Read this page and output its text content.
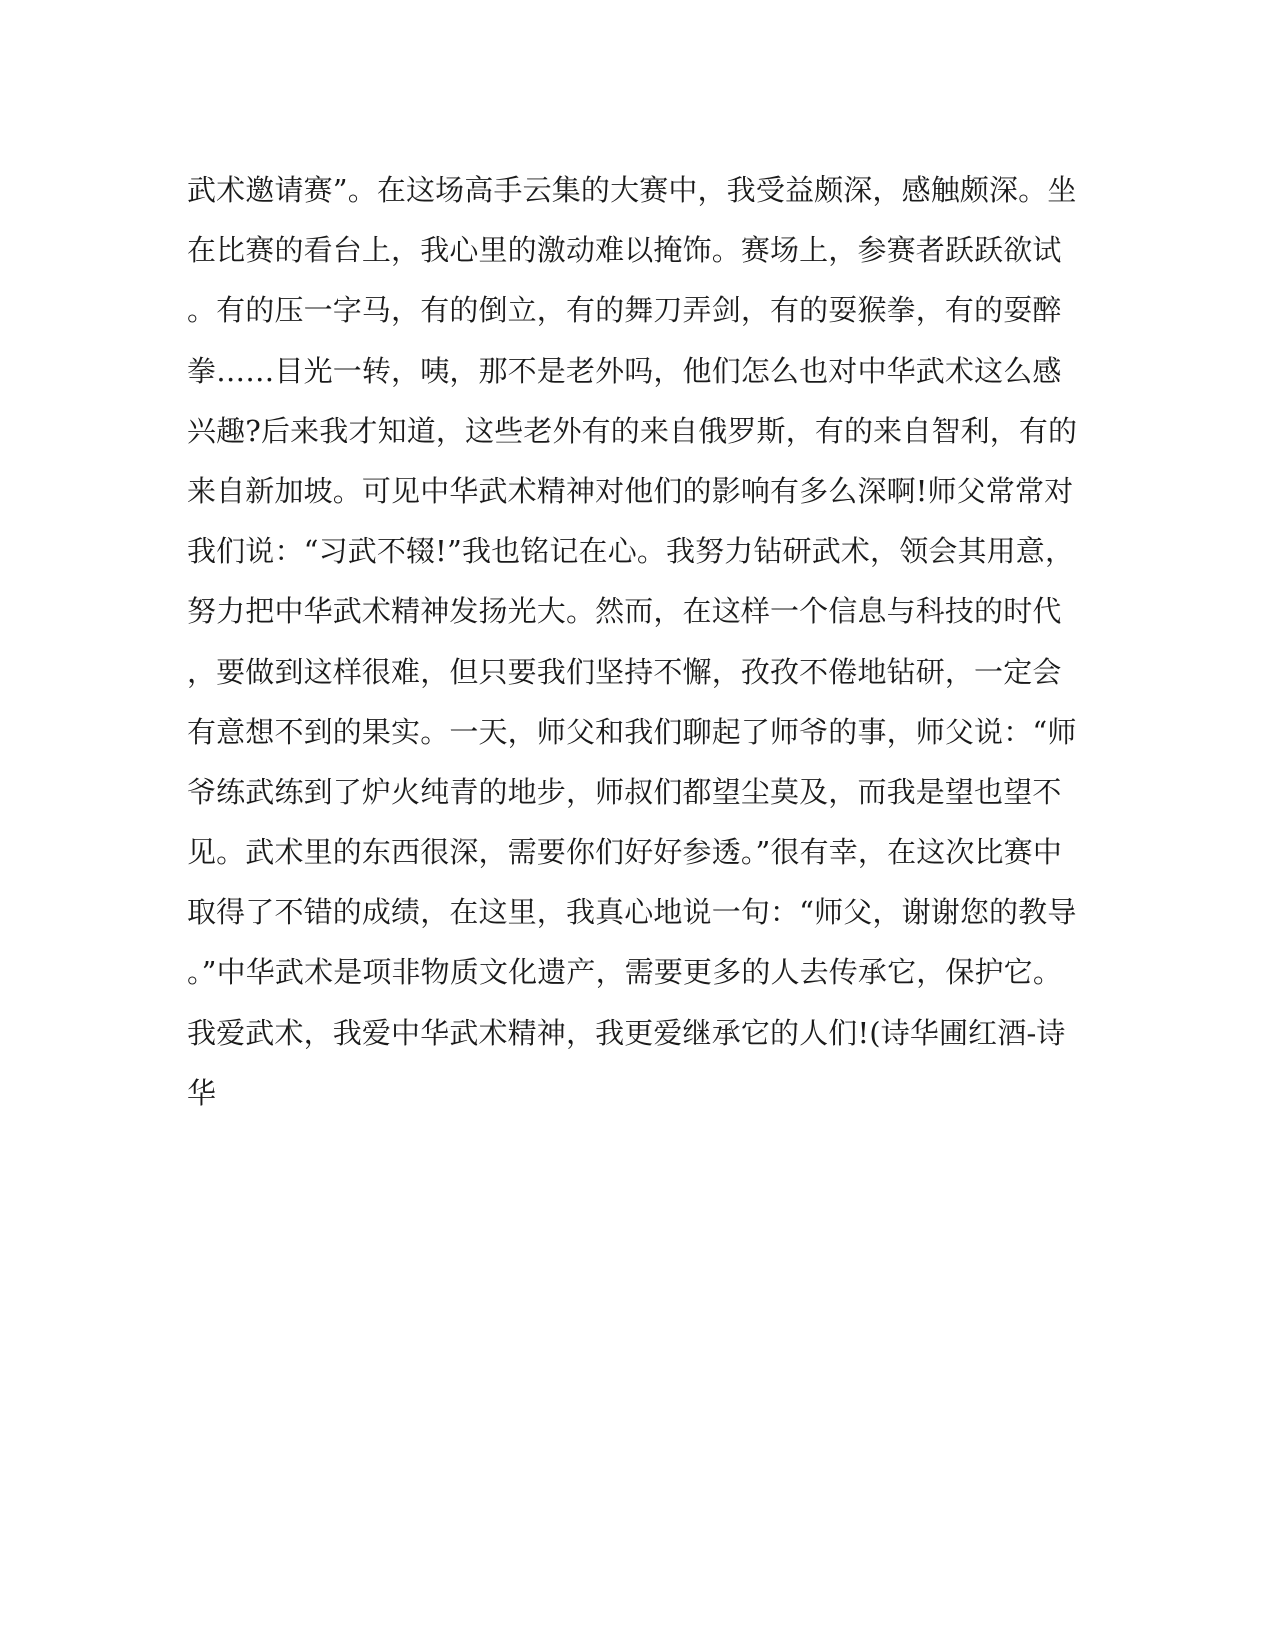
武术邀请赛”。在这场高手云集的大赛中，我受益颇深，感触颇深。坐
在比赛的看台上，我心里的激动难以掩饰。赛场上，参赛者跃跃欲试
。有的压一字马，有的倒立，有的舞刀弄剑，有的耍猴拳，有的耍醉
拳……目光一转，咦，那不是老外吗，他们怎么也对中华武术这么感
兴趣?后来我才知道，这些老外有的来自俄罗斯，有的来自智利，有的
来自新加坡。可见中华武术精神对他们的影响有多么深啊!师父常常对
我们说：“习武不辍!”我也铭记在心。我努力钻研武术，领会其用意，
努力把中华武术精神发扬光大。然而，在这样一个信息与科技的时代
，要做到这样很难，但只要我们坚持不懈，孜孜不倦地钻研，一定会
有意想不到的果实。一天，师父和我们聊起了师爷的事，师父说：“师
爷练武练到了炉火纯青的地步，师叔们都望尘莫及，而我是望也望不
见。武术里的东西很深，需要你们好好参透。”很有幸，在这次比赛中
取得了不错的成绩，在这里，我真心地说一句：“师父，谢谢您的教导
。”中华武术是项非物质文化遗产，需要更多的人去传承它，保护它。
我爱武术，我爱中华武术精神，我更爱继承它的人们!(诗华圃红酒-诗
华
